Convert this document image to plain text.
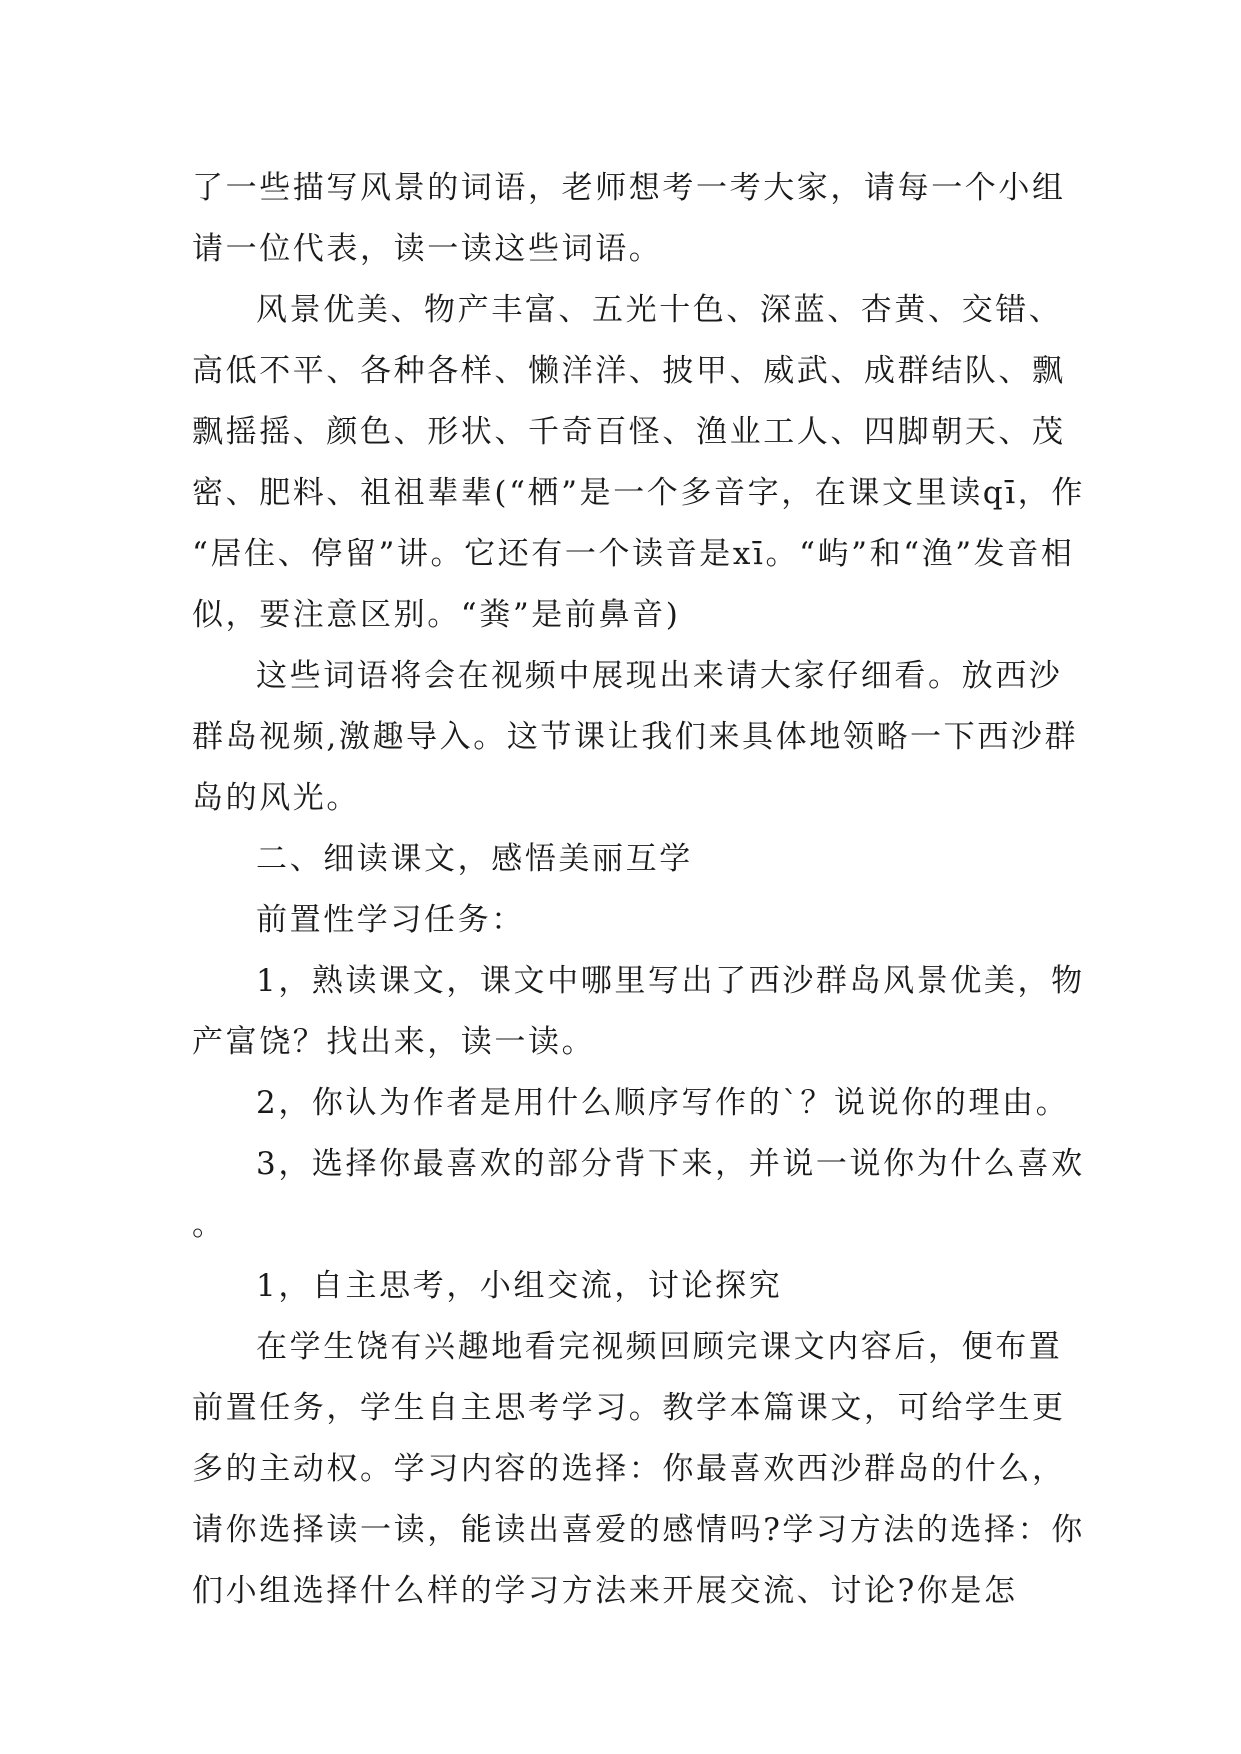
了一些描写风景的词语，老师想考一考大家，请每一个小组请一位代表，读一读这些词语。

风景优美、物产丰富、五光十色、深蓝、杏黄、交错、高低不平、各种各样、懒洋洋、披甲、威武、成群结队、飘飘摇摇、颜色、形状、千奇百怪、渔业工人、四脚朝天、茂密、肥料、祖祖辈辈(“栖”是一个多音字，在课文里读qī，作“居住、停留”讲。它还有一个读音是xī。“屿”和“渔”发音相似，要注意区别。“粪”是前鼻音)

这些词语将会在视频中展现出来请大家仔细看。放西沙群岛视频,激趣导入。这节课让我们来具体地领略一下西沙群岛的风光。

二、细读课文，感悟美丽互学

前置性学习任务：

1，熟读课文，课文中哪里写出了西沙群岛风景优美，物产富饶？找出来，读一读。

2，你认为作者是用什么顺序写作的`？说说你的理由。

3，选择你最喜欢的部分背下来，并说一说你为什么喜欢。

1，自主思考，小组交流，讨论探究

在学生饶有兴趣地看完视频回顾完课文内容后，便布置前置任务，学生自主思考学习。教学本篇课文，可给学生更多的主动权。学习内容的选择：你最喜欢西沙群岛的什么，请你选择读一读，能读出喜爱的感情吗?学习方法的选择：你们小组选择什么样的学习方法来开展交流、讨论?你是怎
